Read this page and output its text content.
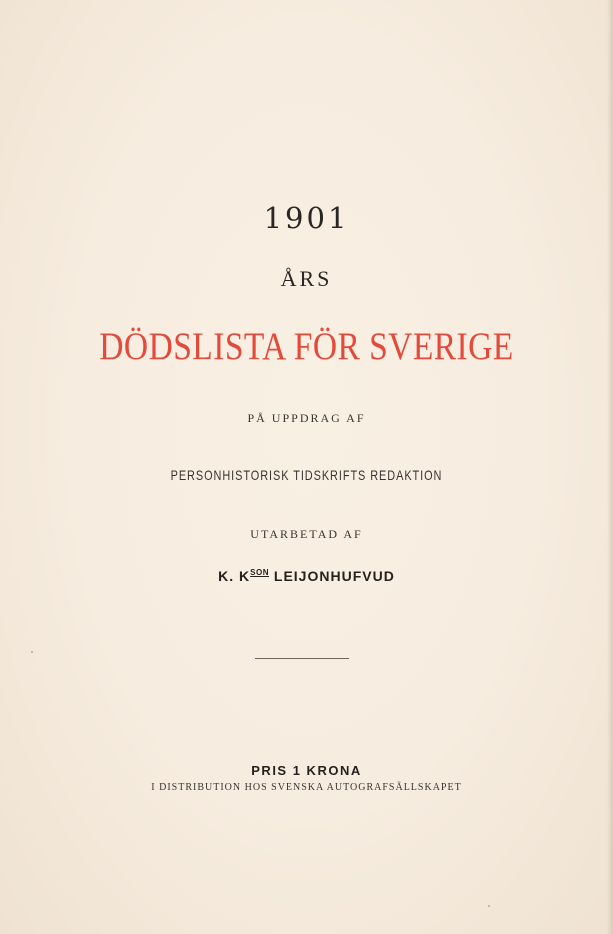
1901
ÅRS
DÖDSLISTA FÖR SVERIGE
PÅ UPPDRAG AF
PERSONHISTORISK TIDSKRIFTS REDAKTION
UTARBETAD AF
K. $K^{SON}$ LEIJONHUFVUD
PRIS 1 KRONA
I DISTRIBUTION HOS SVENSKA AUTOGRAFSÄLLSKAPET
